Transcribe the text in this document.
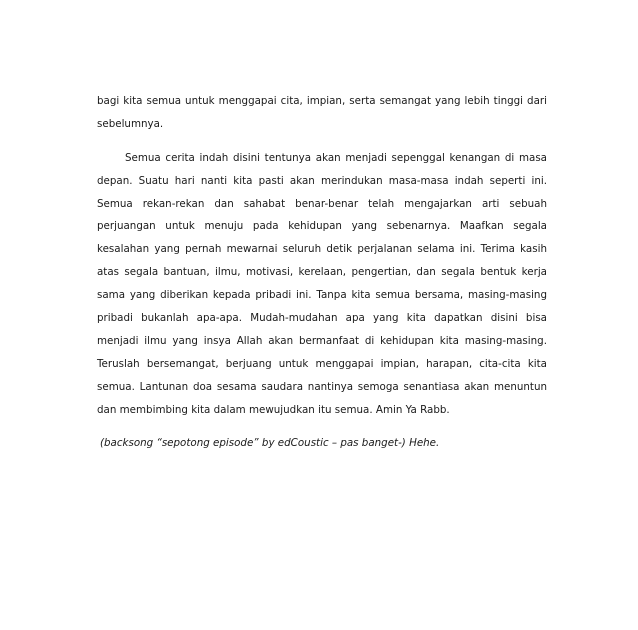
bagi kita semua untuk menggapai cita, impian, serta semangat yang lebih tinggi dari
sebelumnya.
Semua cerita indah disini tentunya akan menjadi sepenggal kenangan di masa
depan. Suatu hari nanti kita pasti akan merindukan masa-masa indah seperti ini.
Semua rekan-rekan dan sahabat benar-benar telah mengajarkan arti sebuah
perjuangan untuk menuju pada kehidupan yang sebenarnya. Maafkan segala
kesalahan yang pernah mewarnai seluruh detik perjalanan selama ini. Terima kasih
atas segala bantuan, ilmu, motivasi, kerelaan, pengertian, dan segala bentuk kerja
sama yang diberikan kepada pribadi ini. Tanpa kita semua bersama, masing-masing
pribadi bukanlah apa-apa. Mudah-mudahan apa yang kita dapatkan disini bisa
menjadi ilmu yang insya Allah akan bermanfaat di kehidupan kita masing-masing.
Teruslah bersemangat, berjuang untuk menggapai impian, harapan, cita-cita kita
semua. Lantunan doa sesama saudara nantinya semoga senantiasa akan menuntun
dan membimbing kita dalam mewujudkan itu semua. Amin Ya Rabb.
(backsong “sepotong episode” by edCoustic – pas banget-) Hehe.
